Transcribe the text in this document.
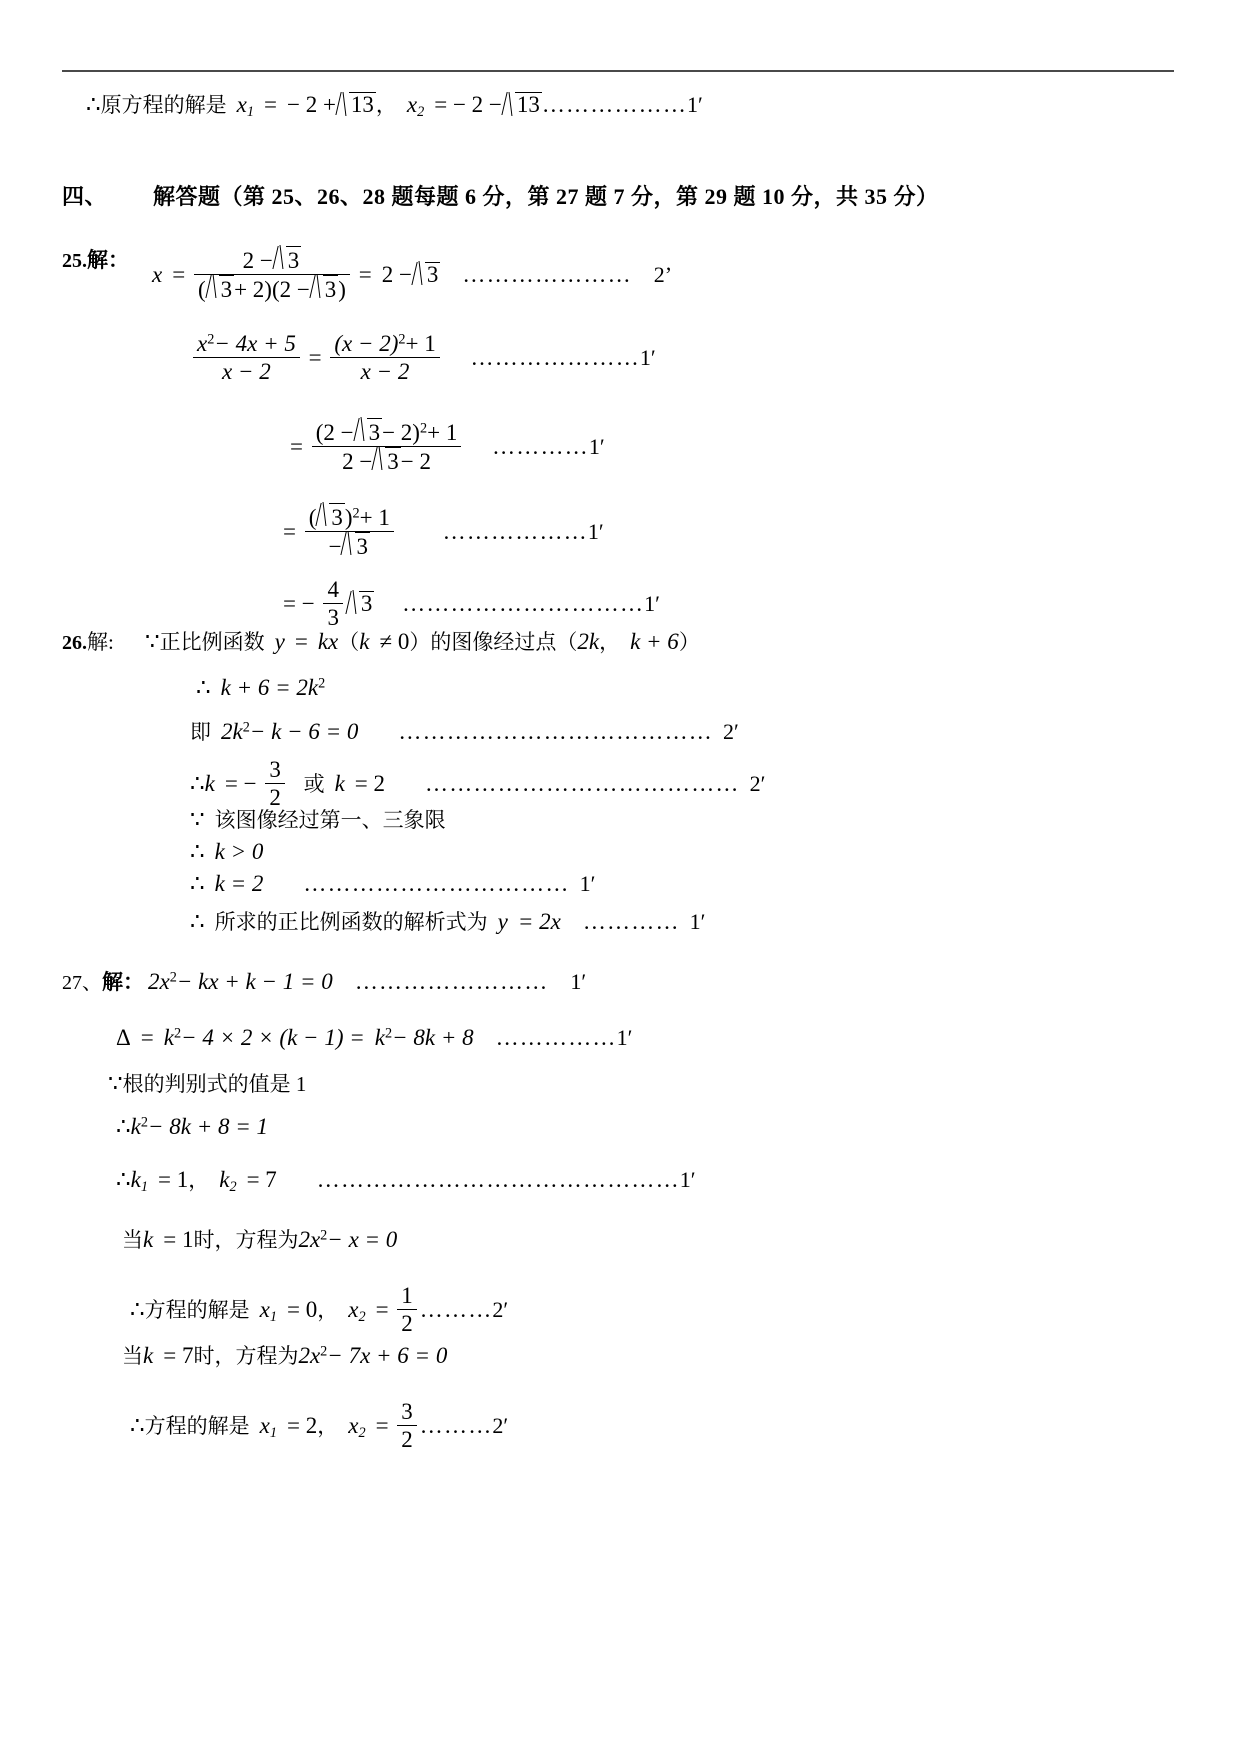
∴原方程的解是 $x_1$ = − 2 + 13， $x_2$ = − 2 − 13………………1′
四、 解答题（第 25、26、28 题每题 6 分，第 27 题 7 分，第 29 题 10 分，共 35 分）
25.解：
$x = \frac{2 - 3}{( 3+ 2)(2 - 3)} = 2 - 3$ ………………… 2’
$\frac{x^2- 4x + 5}{x - 2} = \frac{(x - 2)^2+ 1}{x - 2}$ …………………1′
= $\frac{(2 - 3- 2)^2+ 1}{2 - 3- 2}$ …………1′
= $\frac{( 3)^2+ 1}{- 3}$ ………………1′
= − $\frac{4}{3} 3$ …………………………1′
26.解: ∵正比例函数 y = kx（k ≠ 0）的图像经过点（2k， k + 6）
∴ $k + 6 = 2k^2$
即 $2k^2- k - 6 = 0$ ………………………………… 2′
∴k = − $\frac{3}{2}$ 或 k = 2 ………………………………… 2′
∵ 该图像经过第一、三象限
∴ k > 0
∴ k = 2 …………………………… 1′
∴ 所求的正比例函数的解析式为 y = 2x ………… 1′
27、解： $2x^2-$ kx + k − 1 = 0 …………………… 1′
$\Delta = k^2- 4 \times 2 \times (k - 1) = k^2- 8k + 8$ ……………1′
∵根的判别式的值是 1
$\therefore k^2- 8k + 8 = 1$
$\therefore k_1 = 1$， $k_2 = 7$ ………………………………………1′
当k = 1时，方程为$2x^2- x = 0$
∴方程的解是 $x_1 = 0$， $x_2 = \frac{1}{2}$ ………2′
当k = 7时，方程为$2x^2- 7x + 6 = 0$
∴方程的解是 $x_1 = 2$， $x_2 = \frac{3}{2}$ ………2′
